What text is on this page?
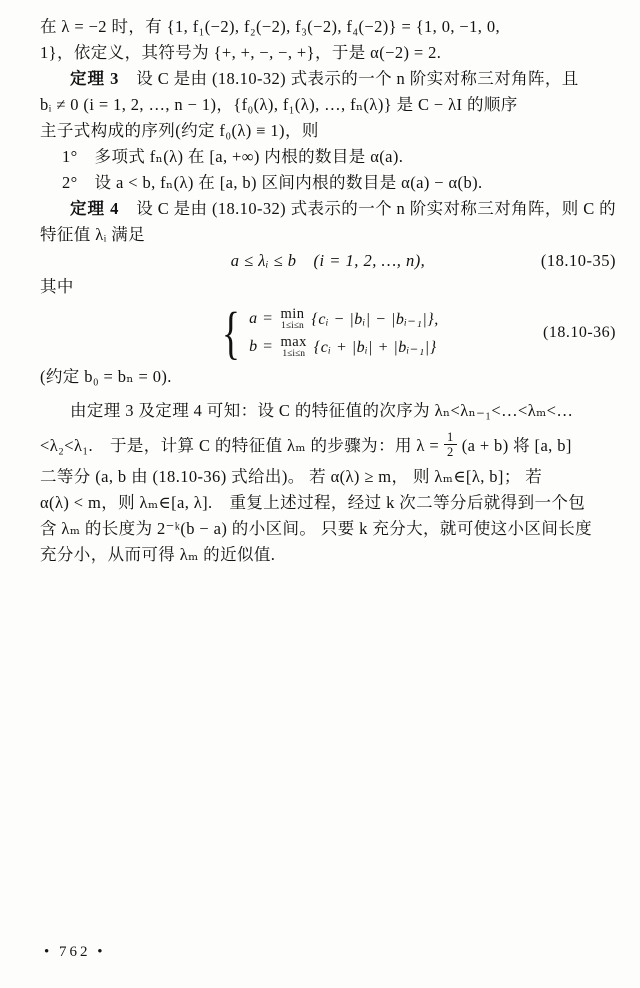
在 λ = −2 时，有 {1, f₁(−2), f₂(−2), f₃(−2), f₄(−2)} = {1, 0, −1, 0,
1}，依定义，其符号为 {+, +, −, −, +}，于是 α(−2) = 2.
定理 3　设 C 是由 (18.10-32) 式表示的一个 n 阶实对称三对角阵，且
bᵢ ≠ 0 (i = 1, 2, …, n − 1)，{f₀(λ), f₁(λ), …, fₙ(λ)} 是 C − λI 的顺序
主子式构成的序列(约定 f₀(λ) ≡ 1)，则
1°　多项式 fₙ(λ) 在 [a, +∞) 内根的数目是 α(a).
2°　设 a < b, fₙ(λ) 在 [a, b) 区间内根的数目是 α(a) − α(b).
定理 4　设 C 是由 (18.10-32) 式表示的一个 n 阶实对称三对角阵，则 C 的
特征值 λᵢ 满足
a ≤ λᵢ ≤ b　(i = 1, 2, …, n),	(18.10-35)
其中
{ a = min
1≤i≤n {cᵢ − |bᵢ| − |bᵢ₋₁|},
b = max
1≤i≤n {cᵢ + |bᵢ| + |bᵢ₋₁|}
(18.10-36)
(约定 b₀ = bₙ = 0).
由定理 3 及定理 4 可知：设 C 的特征值的次序为 λₙ<λₙ₋₁<…<λₘ<…
<λ₂<λ₁.　于是，计算 C 的特征值 λₘ 的步骤为：用 $\lambda = \frac{1}{2} (a + b)$ 将 [a, b]
二等分 (a, b 由 (18.10-36) 式给出)。 若 α(λ) ≥ m， 则 λₘ∈[λ, b]； 若
α(λ) < m，则 λₘ∈[a, λ].　重复上述过程，经过 k 次二等分后就得到一个包
含 λₘ 的长度为 2⁻ᵏ(b − a) 的小区间。 只要 k 充分大，就可使这小区间长度
充分小，从而可得 λₘ 的近似值.
• 762 •
